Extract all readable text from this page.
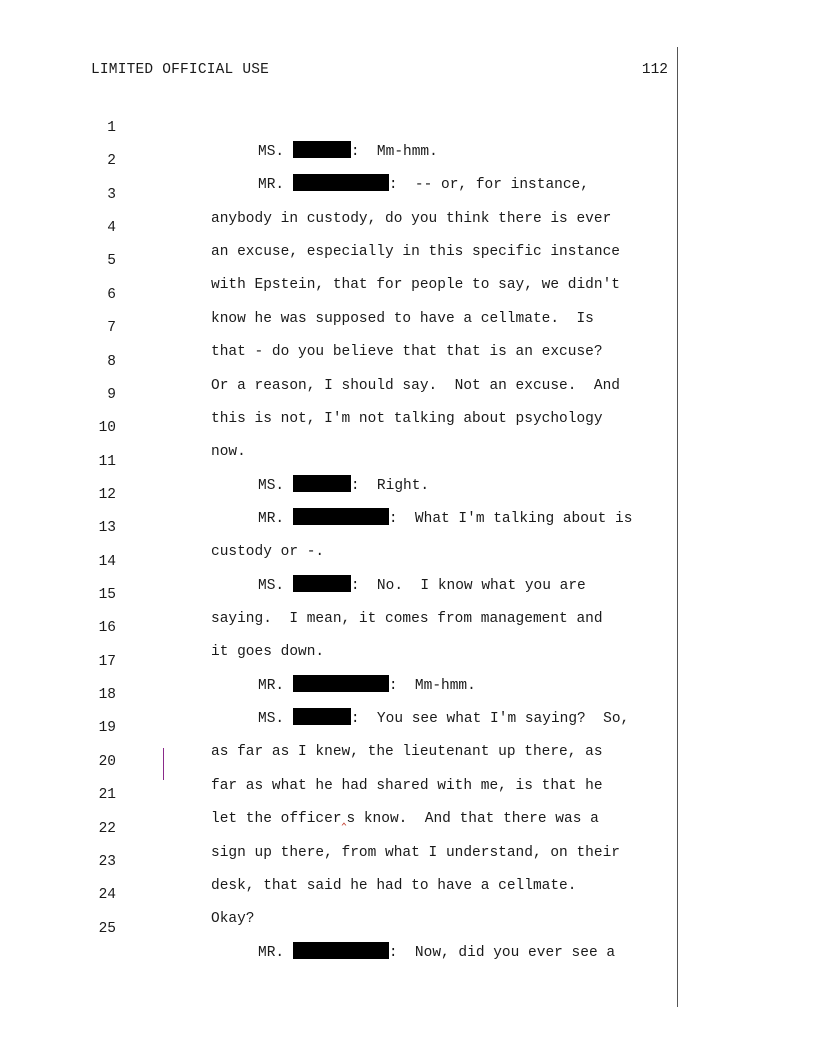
LIMITED OFFICIAL USE	112

1

MS.	:  Mm-hmm.

2

MR.	:  -- or, for instance,

3

anybody in custody, do you think there is ever

4

an excuse, especially in this specific instance

5

with Epstein, that for people to say, we didn't

6

know he was supposed to have a cellmate.  Is

7

that - do you believe that that is an excuse?

8

Or a reason, I should say.  Not an excuse.  And

9

this is not, I'm not talking about psychology

10

now.

11

MS.	:  Right.

12

MR.	:  What I'm talking about is

13

custody or -.

14

MS.	:  No.  I know what you are

15

saying.  I mean, it comes from management and

16

it goes down.

17

MR.	:  Mm-hmm.

18

MS.	:  You see what I'm saying?  So,

19

as far as I knew, the lieutenant up there, as

20

far as what he had shared with me, is that he

21

let the officer‸s know.  And that there was a

22

sign up there, from what I understand, on their

23

desk, that said he had to have a cellmate.

24

Okay?

25

MR.	:  Now, did you ever see a
